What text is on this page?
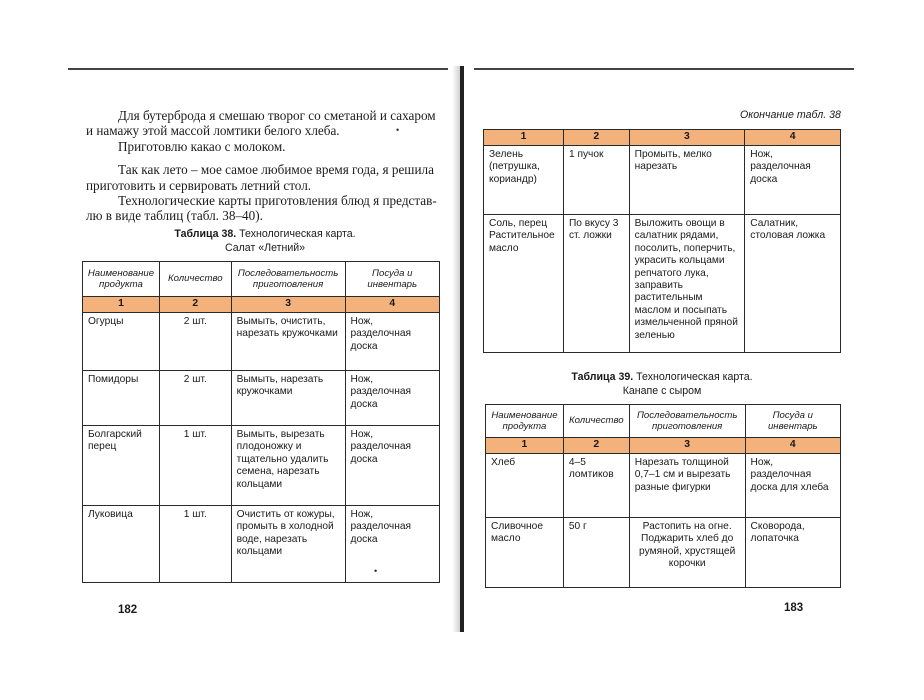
Для бутерброда я смешаю творог со сметаной и сахаром
и намажу этой массой ломтики белого хлеба.
Приготовлю какао с молоком.
Так как лето – мое самое любимое время года, я решила
приготовить и сервировать летний стол.
Технологические карты приготовления блюд я представ-
лю в виде таблиц (табл. 38–40).
•
Таблица 38. Технологическая карта.
Салат «Летний»
Наименование продукта	Количество	Последовательность приготовления	Посуда и инвентарь
1	2	3	4
Огурцы	2 шт.	Вымыть, очистить, нарезать кружочками	Нож, разделочная доска
Помидоры	2 шт.	Вымыть, нарезать кружочками	Нож, разделочная доска
Болгарский перец	1 шт.	Вымыть, вырезать плодоножку и тщательно удалить семена, нарезать кольцами	Нож, разделочная доска
Луковица	1 шт.	Очистить от кожуры, промыть в холодной воде, нарезать кольцами	Нож, разделочная доска
•
182
Окончание табл. 38
1	2	3	4
Зелень (петрушка, кориандр)	1 пучок	Промыть, мелко нарезать	Нож, разделочная доска
Соль, перец Растительное масло	По вкусу 3 ст. ложки	Выложить овощи в салатник рядами, посолить, поперчить, украсить кольцами репчатого лука, заправить растительным маслом и посыпать измельченной пряной зеленью	Салатник, столовая ложка
Таблица 39. Технологическая карта.
Канапе с сыром
Наименование продукта	Количество	Последовательность приготовления	Посуда и инвентарь
1	2	3	4
Хлеб	4–5 ломтиков	Нарезать толщиной 0,7–1 см и вырезать разные фигурки	Нож, разделочная доска для хлеба
Сливочное масло	50 г	Растопить на огне. Поджарить хлеб до румяной, хрустящей корочки	Сковорода, лопаточка
183
